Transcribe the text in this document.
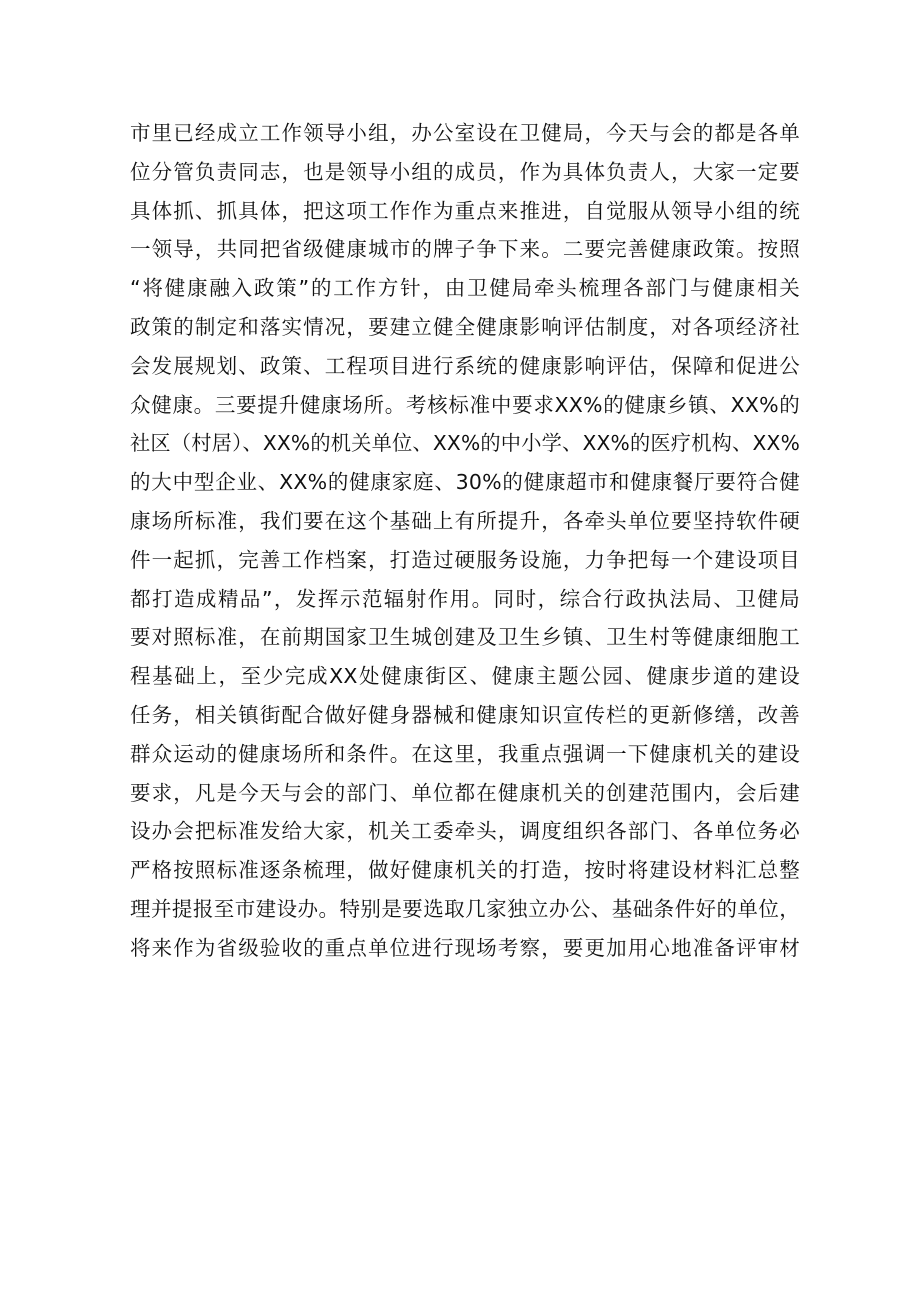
市里已经成立工作领导小组，办公室设在卫健局，今天与会的都是各单
位分管负责同志，也是领导小组的成员，作为具体负责人，大家一定要
具体抓、抓具体，把这项工作作为重点来推进，自觉服从领导小组的统
一领导，共同把省级健康城市的牌子争下来。二要完善健康政策。按照
“将健康融入政策”的工作方针，由卫健局牵头梳理各部门与健康相关
政策的制定和落实情况，要建立健全健康影响评估制度，对各项经济社
会发展规划、政策、工程项目进行系统的健康影响评估，保障和促进公
众健康。三要提升健康场所。考核标准中要求XX%的健康乡镇、XX%的
社区（村居）、XX%的机关单位、XX%的中小学、XX%的医疗机构、XX%
的大中型企业、XX%的健康家庭、30%的健康超市和健康餐厅要符合健
康场所标准，我们要在这个基础上有所提升，各牵头单位要坚持软件硬
件一起抓，完善工作档案，打造过硬服务设施，力争把每一个建设项目
都打造成精品”，发挥示范辐射作用。同时，综合行政执法局、卫健局
要对照标准，在前期国家卫生城创建及卫生乡镇、卫生村等健康细胞工
程基础上，至少完成XX处健康街区、健康主题公园、健康步道的建设
任务，相关镇街配合做好健身器械和健康知识宣传栏的更新修缮，改善
群众运动的健康场所和条件。在这里，我重点强调一下健康机关的建设
要求，凡是今天与会的部门、单位都在健康机关的创建范围内，会后建
设办会把标准发给大家，机关工委牵头，调度组织各部门、各单位务必
严格按照标准逐条梳理，做好健康机关的打造，按时将建设材料汇总整
理并提报至市建设办。特别是要选取几家独立办公、基础条件好的单位，
将来作为省级验收的重点单位进行现场考察，要更加用心地准备评审材
